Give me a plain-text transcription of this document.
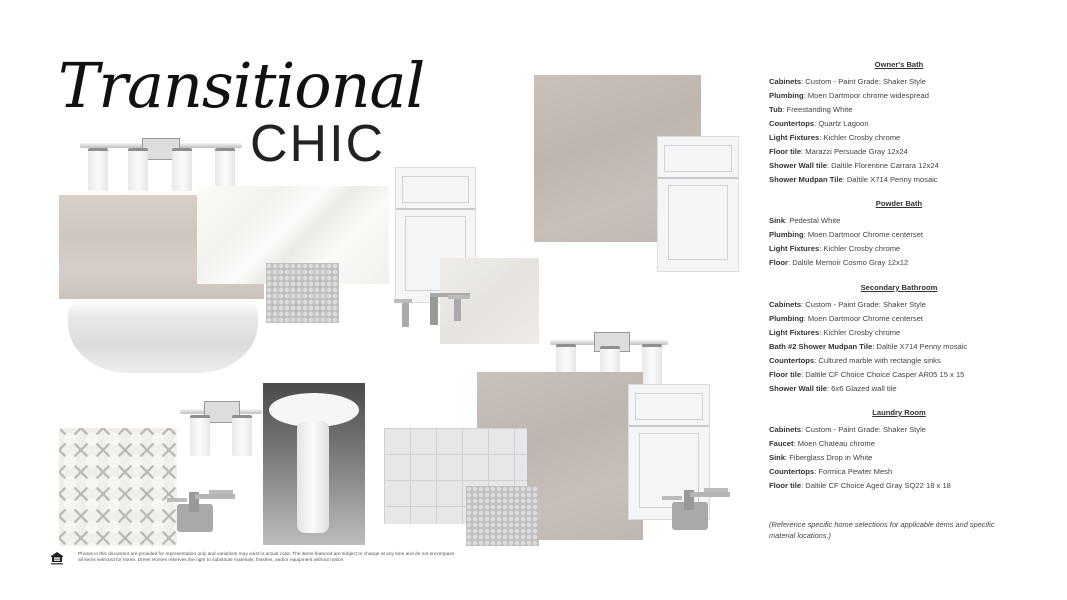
Transitional
CHIC
Owner's Bath
Cabinets: Custom - Paint Grade: Shaker Style
Plumbing: Moen Dartmoor chrome widespread
Tub: Freestanding White
Countertops: Quartz Lagoon
Light Fixtures: Kichler Crosby chrome
Floor tile: Marazzi Persuade Gray 12x24
Shower Wall tile: Daltile Florentine Carrara 12x24
Shower Mudpan Tile: Daltile X714 Penny mosaic
Powder Bath
Sink: Pedestal White
Plumbing: Moen Dartmoor Chrome centerset
Light Fixtures: Kichler Crosby chrome
Floor: Daltile Memoir Cosmo Gray 12x12
Secondary Bathroom
Cabinets: Custom - Paint Grade: Shaker Style
Plumbing: Moen Dartmoor Chrome centerset
Light Fixtures: Kichler Crosby chrome
Bath #2 Shower Mudpan Tile: Daltile X714 Penny mosaic
Countertops: Cultured marble with rectangle sinks
Floor tile: Daltile CF Choice Choice Casper AR05 15 x 15
Shower Wall tile: 6x6 Glazed wall tile
Laundry Room
Cabinets: Custom - Paint Grade: Shaker Style
Faucet: Moen Chateau chrome
Sink: Fiberglass Drop in White
Countertops: Formica Pewter Mesh
Floor tile: Daltile CF Choice Aged Gray SQ22 18 x 18
(Reference specific home selections for applicable items and specific material locations.)
Photos in this document are provided for representation only and variations may exist in actual color. The items featured are subject to change at any time and do not encompass all items selected for home. Drees Homes reserves the right to substitute materials, finishes, and/or equipment without notice.
